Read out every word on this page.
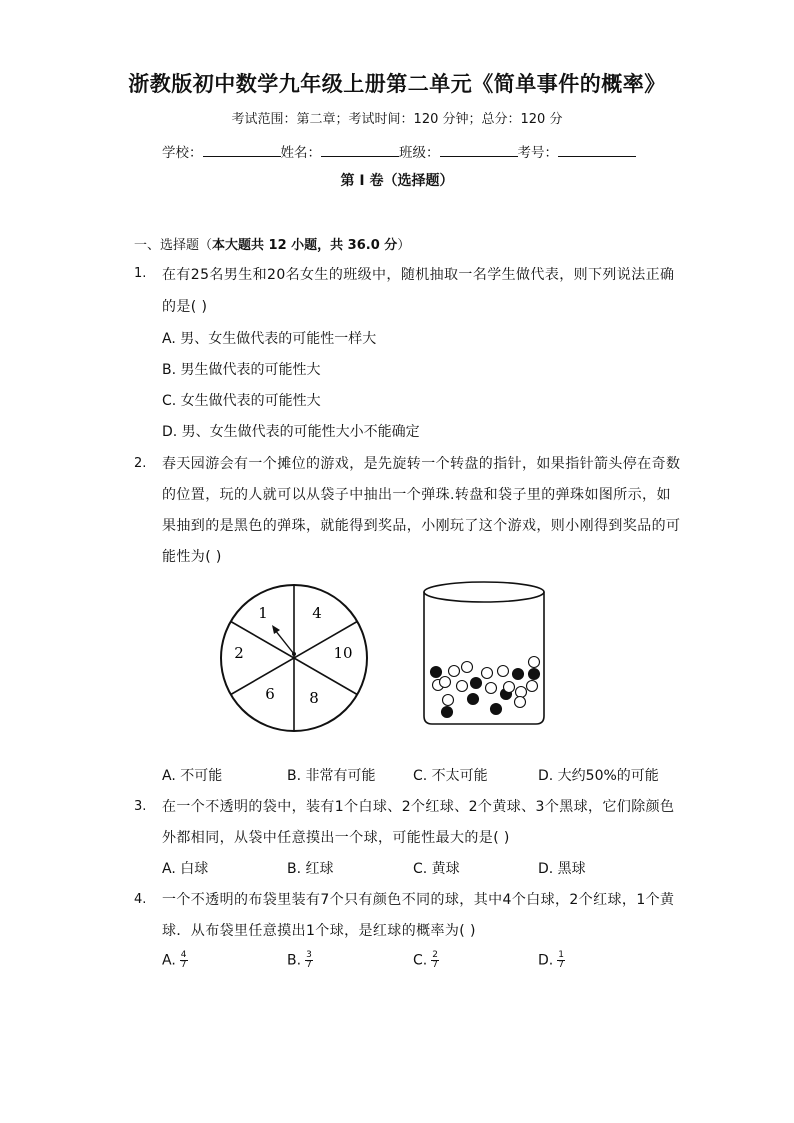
浙教版初中数学九年级上册第二单元《简单事件的概率》
考试范围：第二章；考试时间：120 分钟；总分：120 分
学校：	姓名：	班级：	考号：
第 I 卷（选择题）
一、选择题（本大题共 12 小题，共 36.0 分）
1. 在有25名男生和20名女生的班级中，随机抽取一名学生做代表，则下列说法正确
的是( )
A. 男、女生做代表的可能性一样大
B. 男生做代表的可能性大
C. 女生做代表的可能性大
D. 男、女生做代表的可能性大小不能确定
2. 春天园游会有一个摊位的游戏，是先旋转一个转盘的指针，如果指针箭头停在奇数
的位置，玩的人就可以从袋子中抽出一个弹珠.转盘和袋子里的弹珠如图所示，如
果抽到的是黑色的弹珠，就能得到奖品，小刚玩了这个游戏，则小刚得到奖品的可
能性为( )
1	4
10
8
6
2
A. 不可能	B. 非常有可能	C. 不太可能	D. 大约50%的可能
3. 在一个不透明的袋中，装有1个白球、2个红球、2个黄球、3个黑球，它们除颜色
外都相同，从袋中任意摸出一个球，可能性最大的是( )
A. 白球	B. 红球	C. 黄球	D. 黑球
4. 一个不透明的布袋里装有7个只有颜色不同的球，其中4个白球，2个红球，1个黄
球．从布袋里任意摸出1个球，是红球的概率为( )
A. $\frac{4}{7}$	B. $\frac{3}{7}$	C. $\frac{2}{7}$	D. $\frac{1}{7}$
